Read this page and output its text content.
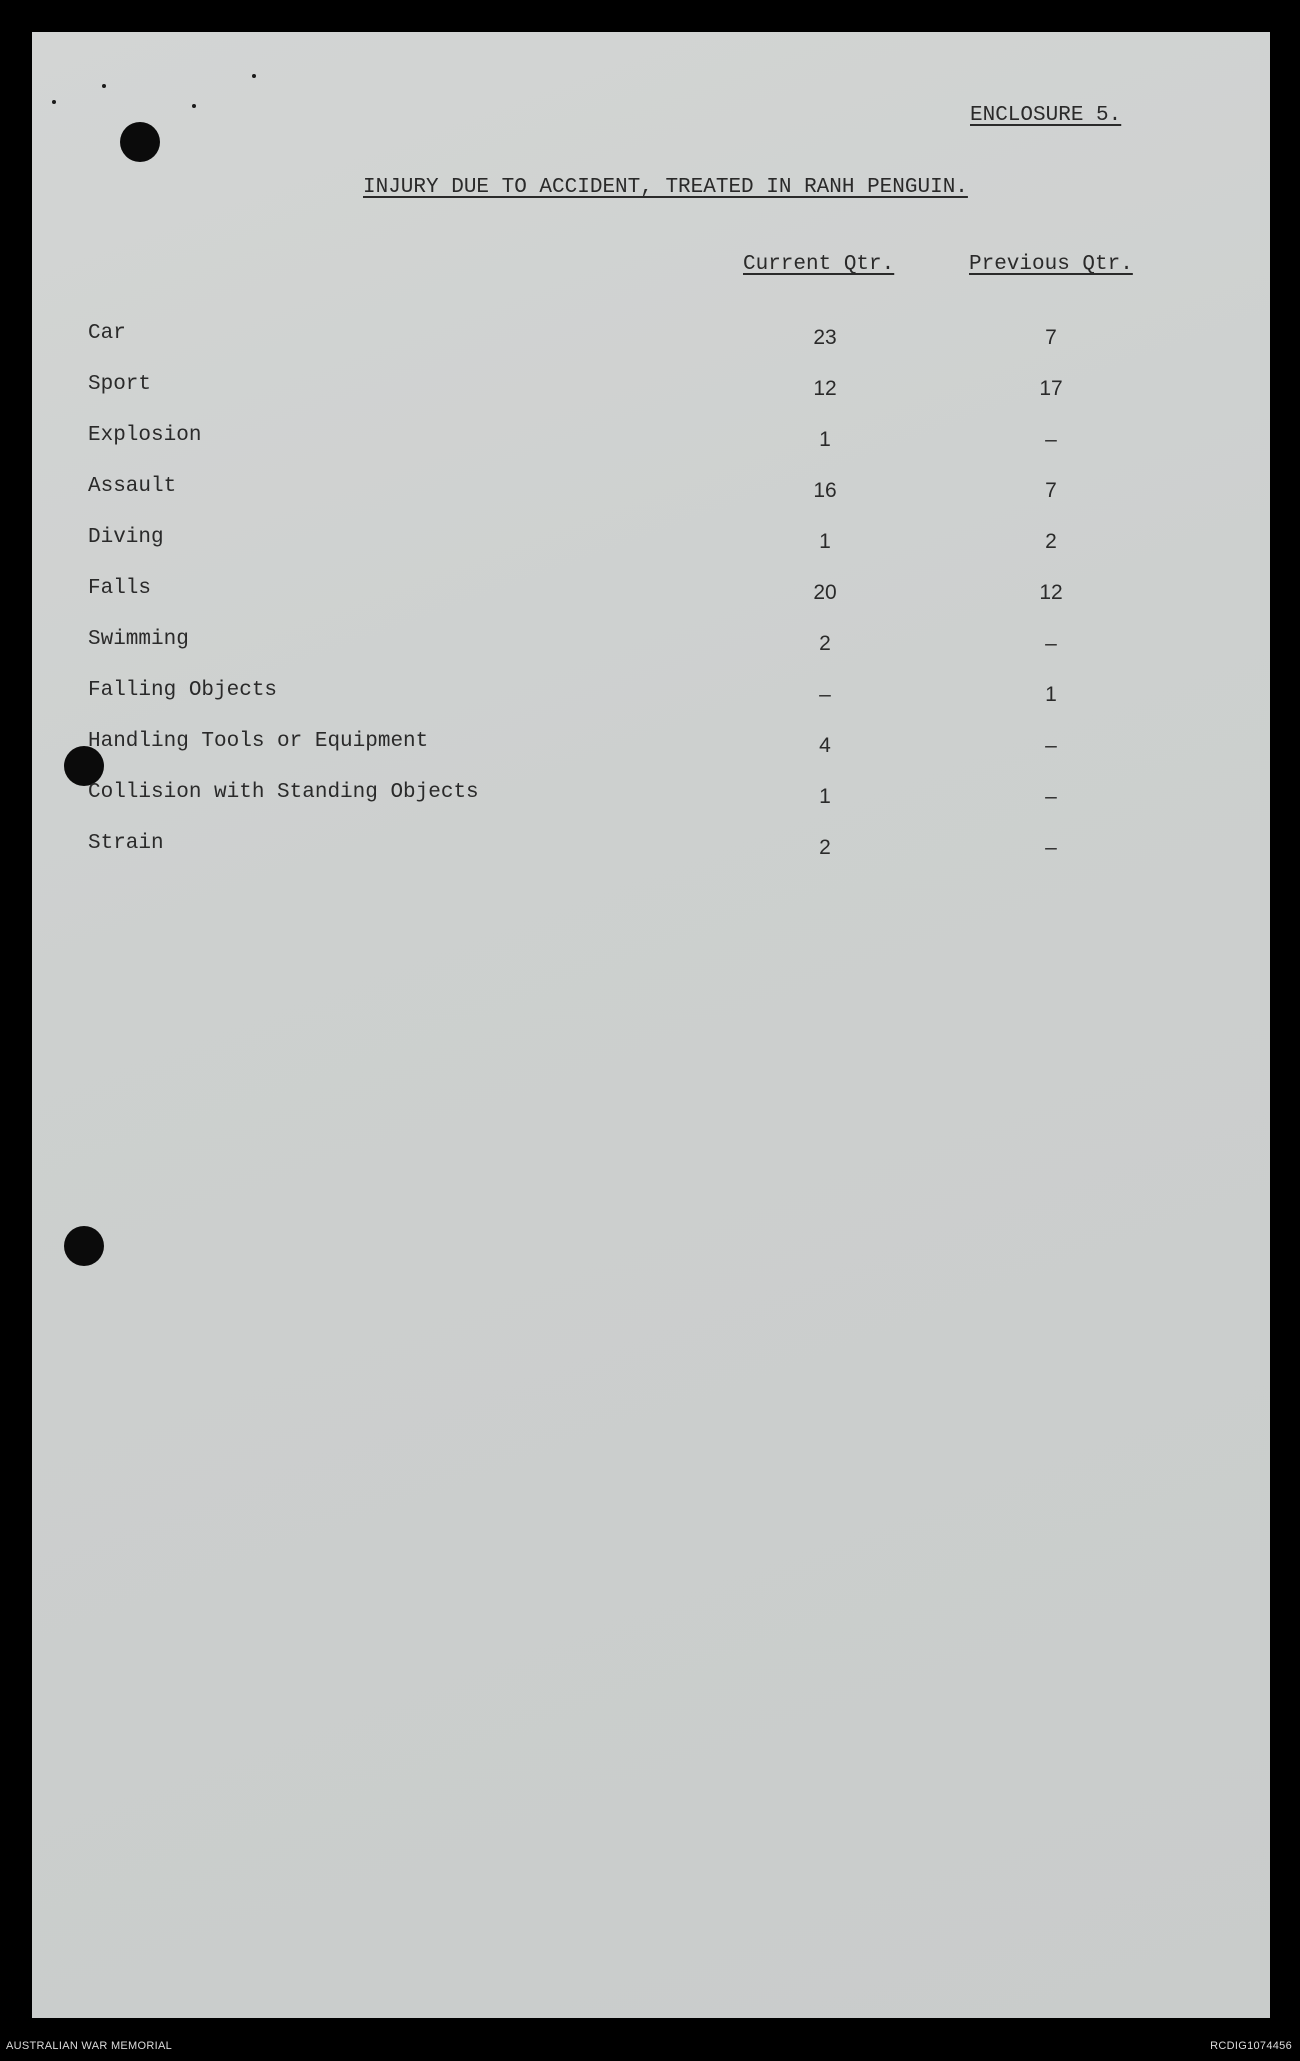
ENCLOSURE 5.
INJURY DUE TO ACCIDENT, TREATED IN RANH PENGUIN.
Current Qtr.	Previous Qtr.
Car	23	7
Sport	12	17
Explosion	1	–
Assault	16	7
Diving	1	2
Falls	20	12
Swimming	2	–
Falling Objects	–	1
Handling Tools or Equipment	4	–
Collision with Standing Objects	1	–
Strain	2	–
AUSTRALIAN WAR MEMORIAL	RCDIG1074456
